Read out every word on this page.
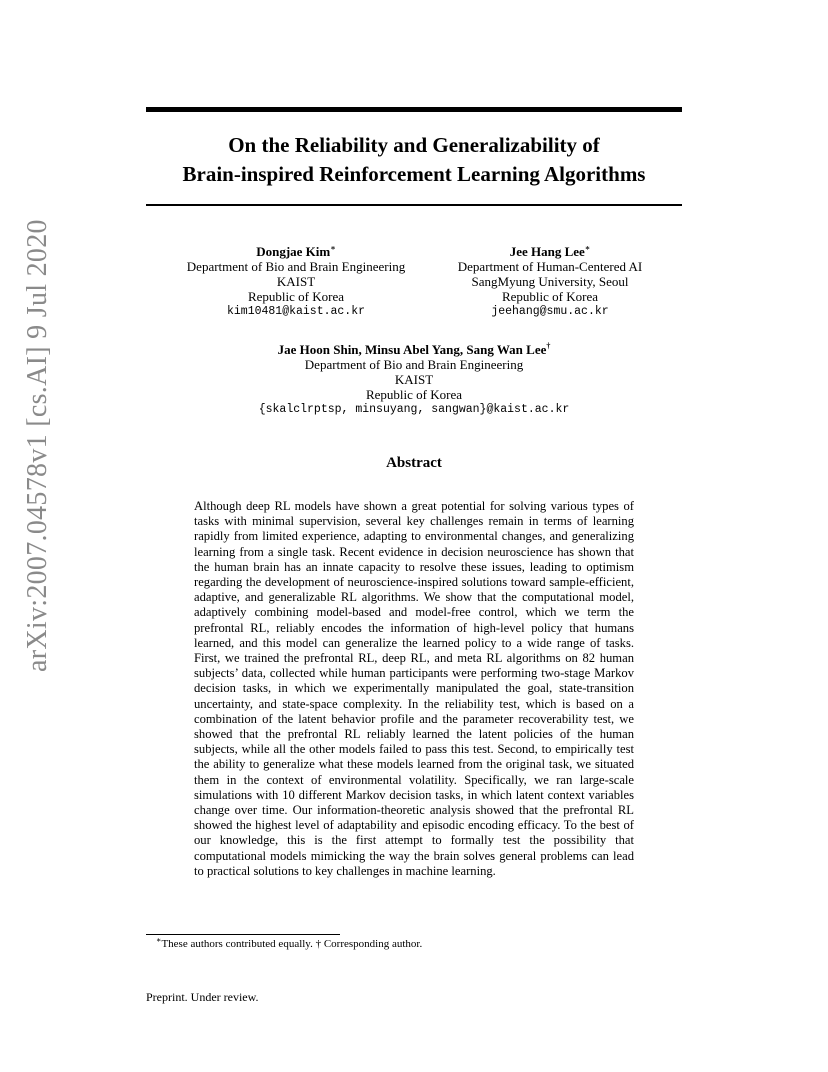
arXiv:2007.04578v1 [cs.AI] 9 Jul 2020
On the Reliability and Generalizability of
Brain-inspired Reinforcement Learning Algorithms
Dongjae Kim∗
Department of Bio and Brain Engineering
KAIST
Republic of Korea
kim10481@kaist.ac.kr
Jee Hang Lee∗
Department of Human-Centered AI
SangMyung University, Seoul
Republic of Korea
jeehang@smu.ac.kr
Jae Hoon Shin, Minsu Abel Yang, Sang Wan Lee†
Department of Bio and Brain Engineering
KAIST
Republic of Korea
{skalclrptsp, minsuyang, sangwan}@kaist.ac.kr
Abstract
Although deep RL models have shown a great potential for solving various types of tasks with minimal supervision, several key challenges remain in terms of learning rapidly from limited experience, adapting to environmental changes, and generalizing learning from a single task. Recent evidence in decision neuroscience has shown that the human brain has an innate capacity to resolve these issues, leading to optimism regarding the development of neuroscience-inspired solutions toward sample-efficient, adaptive, and generalizable RL algorithms. We show that the computational model, adaptively combining model-based and model-free control, which we term the prefrontal RL, reliably encodes the information of high-level policy that humans learned, and this model can generalize the learned policy to a wide range of tasks. First, we trained the prefrontal RL, deep RL, and meta RL algorithms on 82 human subjects’ data, collected while human participants were performing two-stage Markov decision tasks, in which we experimentally manipulated the goal, state-transition uncertainty, and state-space complexity. In the reliability test, which is based on a combination of the latent behavior profile and the parameter recoverability test, we showed that the prefrontal RL reliably learned the latent policies of the human subjects, while all the other models failed to pass this test. Second, to empirically test the ability to generalize what these models learned from the original task, we situated them in the context of environmental volatility. Specifically, we ran large-scale simulations with 10 different Markov decision tasks, in which latent context variables change over time. Our information-theoretic analysis showed that the prefrontal RL showed the highest level of adaptability and episodic encoding efficacy. To the best of our knowledge, this is the first attempt to formally test the possibility that computational models mimicking the way the brain solves general problems can lead to practical solutions to key challenges in machine learning.
∗These authors contributed equally. † Corresponding author.
Preprint. Under review.
